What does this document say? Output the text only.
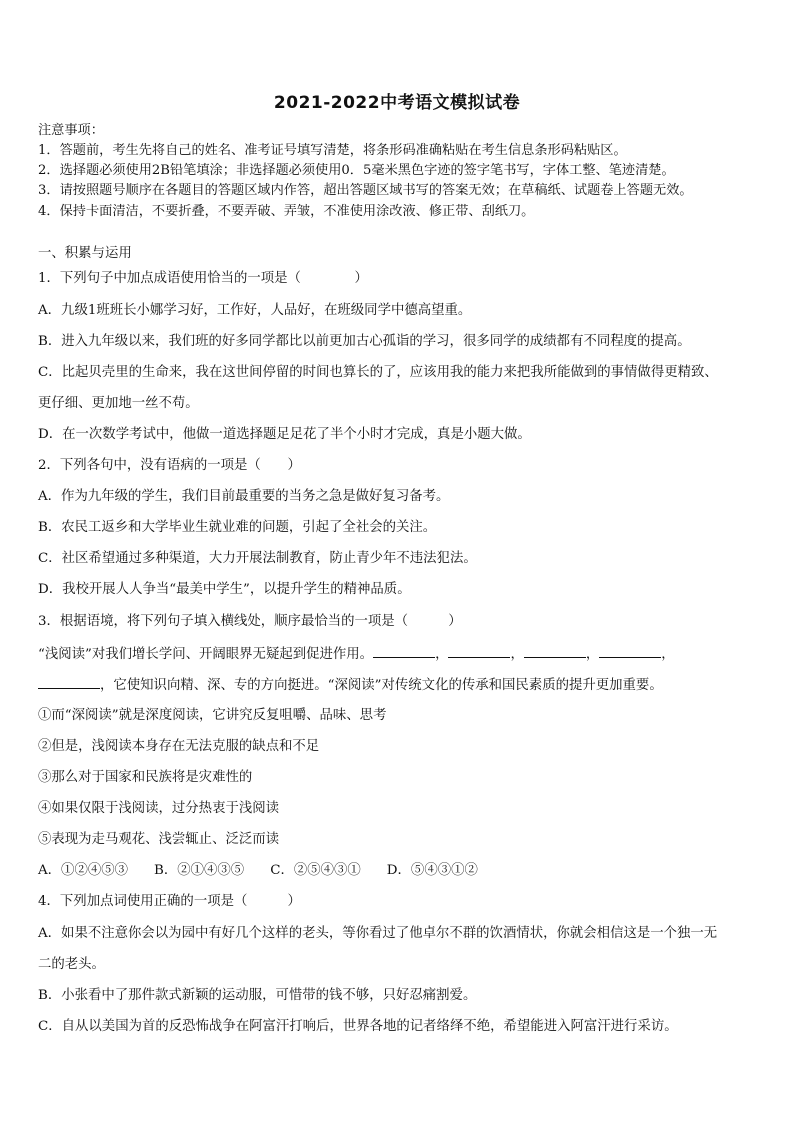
2021-2022中考语文模拟试卷
注意事项：
1．答题前，考生先将自己的姓名、准考证号填写清楚，将条形码准确粘贴在考生信息条形码粘贴区。
2．选择题必须使用2B铅笔填涂；非选择题必须使用0．5毫米黑色字迹的签字笔书写，字体工整、笔迹清楚。
3．请按照题号顺序在各题目的答题区域内作答，超出答题区域书写的答案无效；在草稿纸、试题卷上答题无效。
4．保持卡面清洁，不要折叠，不要弄破、弄皱，不准使用涂改液、修正带、刮纸刀。
一、积累与运用
1．下列句子中加点成语使用恰当的一项是（　　　　）
A．九级1班班长小娜学习好，工作好，人品好，在班级同学中德高望重。
B．进入九年级以来，我们班的好多同学都比以前更加古心孤诣的学习，很多同学的成绩都有不同程度的提高。
C．比起贝壳里的生命来，我在这世间停留的时间也算长的了，应该用我的能力来把我所能做到的事情做得更精致、
更仔细、更加地一丝不苟。
D．在一次数学考试中，他做一道选择题足足花了半个小时才完成，真是小题大做。
2．下列各句中，没有语病的一项是（　　）
A．作为九年级的学生，我们目前最重要的当务之急是做好复习备考。
B．农民工返乡和大学毕业生就业难的问题，引起了全社会的关注。
C．社区希望通过多种渠道，大力开展法制教育，防止青少年不违法犯法。
D．我校开展人人争当“最美中学生”，以提升学生的精神品质。
3．根据语境，将下列句子填入横线处，顺序最恰当的一项是（　　　）
“浅阅读”对我们增长学问、开阔眼界无疑起到促进作用。	，	，	，	，
，它使知识向精、深、专的方向挺进。“深阅读”对传统文化的传承和国民素质的提升更加重要。
①而“深阅读”就是深度阅读，它讲究反复咀嚼、品味、思考
②但是，浅阅读本身存在无法克服的缺点和不足
③那么对于国家和民族将是灾难性的
④如果仅限于浅阅读，过分热衷于浅阅读
⑤表现为走马观花、浅尝辄止、泛泛而读
A．①②④⑤③ B．②①④③⑤ C．②⑤④③① D．⑤④③①②
4．下列加点词使用正确的一项是（　　　）
A．如果不注意你会以为园中有好几个这样的老头，等你看过了他卓尔不群的饮酒情状，你就会相信这是一个独一无
二的老头。
B．小张看中了那件款式新颖的运动服，可惜带的钱不够，只好忍痛割爱。
C．自从以美国为首的反恐怖战争在阿富汗打响后，世界各地的记者络绎不绝，希望能进入阿富汗进行采访。
